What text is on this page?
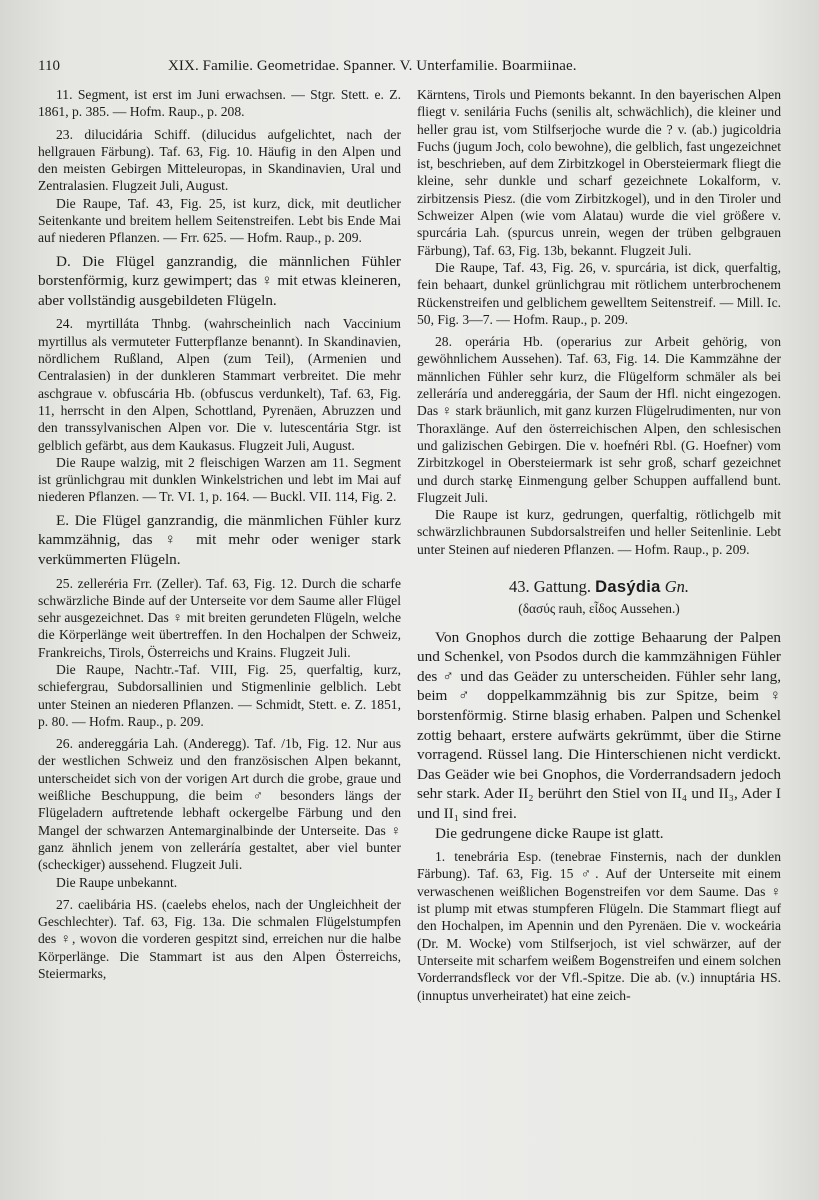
110	XIX. Familie. Geometridae. Spanner. V. Unterfamilie. Boarmiinae.

11. Segment, ist erst im Juni erwachsen. — Stgr. Stett. e. Z. 1861, p. 385. — Hofm. Raup., p. 208.

23. dilucidária Schiff. (dilucidus aufgelichtet, nach der hellgrauen Färbung). Taf. 63, Fig. 10. Häufig in den Alpen und den meisten Gebirgen Mitteleuropas, in Skandinavien, Ural und Zentralasien. Flugzeit Juli, August.

Die Raupe, Taf. 43, Fig. 25, ist kurz, dick, mit deutlicher Seitenkante und breitem hellem Seitenstreifen. Lebt bis Ende Mai auf niederen Pflanzen. — Frr. 625. — Hofm. Raup., p. 209.

D. Die Flügel ganzrandig, die männlichen Fühler borstenförmig, kurz gewimpert; das ♀ mit etwas kleineren, aber vollständig ausgebildeten Flügeln.

24. myrtilláta Thnbg. (wahrscheinlich nach Vaccinium myrtillus als vermuteter Futterpflanze benannt). In Skandinavien, nördlichem Rußland, Alpen (zum Teil), (Armenien und Centralasien) in der dunkleren Stammart verbreitet. Die mehr aschgraue v. obfuscária Hb. (obfuscus verdunkelt), Taf. 63, Fig. 11, herrscht in den Alpen, Schottland, Pyrenäen, Abruzzen und den transsylvanischen Alpen vor. Die v. lutescentária Stgr. ist gelblich gefärbt, aus dem Kaukasus. Flugzeit Juli, August.

Die Raupe walzig, mit 2 fleischigen Warzen am 11. Segment ist grünlichgrau mit dunklen Winkelstrichen und lebt im Mai auf niederen Pflanzen. — Tr. VI. 1, p. 164. — Buckl. VII. 114, Fig. 2.

E. Die Flügel ganzrandig, die mänmlichen Fühler kurz kammzähnig, das ♀ mit mehr oder weniger stark verkümmerten Flügeln.

25. zelleréria Frr. (Zeller). Taf. 63, Fig. 12. Durch die scharfe schwärzliche Binde auf der Unterseite vor dem Saume aller Flügel sehr ausgezeichnet. Das ♀ mit breiten gerundeten Flügeln, welche die Körperlänge weit übertreffen. In den Hochalpen der Schweiz, Frankreichs, Tirols, Österreichs und Krains. Flugzeit Juli.

Die Raupe, Nachtr.-Taf. VIII, Fig. 25, querfaltig, kurz, schiefergrau, Subdorsallinien und Stigmenlinie gelblich. Lebt unter Steinen an niederen Pflanzen. — Schmidt, Stett. e. Z. 1851, p. 80. — Hofm. Raup., p. 209.

26. andereggária Lah. (Anderegg). Taf. /1b, Fig. 12. Nur aus der westlichen Schweiz und den französischen Alpen bekannt, unterscheidet sich von der vorigen Art durch die grobe, graue und weißliche Beschuppung, die beim ♂ besonders längs der Flügeladern auftretende lebhaft ockergelbe Färbung und den Mangel der schwarzen Antemarginalbinde der Unterseite. Das ♀ ganz ähnlich jenem von zelleráría gestaltet, aber viel bunter (scheckiger) aussehend. Flugzeit Juli.

Die Raupe unbekannt.

27. caelibária HS. (caelebs ehelos, nach der Ungleichheit der Geschlechter). Taf. 63, Fig. 13a. Die schmalen Flügelstumpfen des ♀, wovon die vorderen gespitzt sind, erreichen nur die halbe Körperlänge. Die Stammart ist aus den Alpen Österreichs, Steiermarks,

Kärntens, Tirols und Piemonts bekannt. In den bayerischen Alpen fliegt v. senilária Fuchs (senilis alt, schwächlich), die kleiner und heller grau ist, vom Stilfserjoche wurde die ? v. (ab.) jugicoldria Fuchs (jugum Joch, colo bewohne), die gelblich, fast ungezeichnet ist, beschrieben, auf dem Zirbitzkogel in Obersteiermark fliegt die kleine, sehr dunkle und scharf gezeichnete Lokalform, v. zirbitzensis Piesz. (die vom Zirbitzkogel), und in den Tiroler und Schweizer Alpen (wie vom Alatau) wurde die viel größere v. spurcária Lah. (spurcus unrein, wegen der trüben gelbgrauen Färbung), Taf. 63, Fig. 13b, bekannt. Flugzeit Juli.

Die Raupe, Taf. 43, Fig. 26, v. spurcária, ist dick, querfaltig, fein behaart, dunkel grünlichgrau mit rötlichem unterbrochenem Rückenstreifen und gelblichem gewelltem Seitenstreif. — Mill. Ic. 50, Fig. 3—7. — Hofm. Raup., p. 209.

28. operária Hb. (operarius zur Arbeit gehörig, von gewöhnlichem Aussehen). Taf. 63, Fig. 14. Die Kammzähne der männlichen Fühler sehr kurz, die Flügelform schmäler als bei zelleráría und andereggária, der Saum der Hfl. nicht eingezogen. Das ♀ stark bräunlich, mit ganz kurzen Flügelrudimenten, nur von Thoraxlänge. Auf den österreichischen Alpen, den schlesischen und galizischen Gebirgen. Die v. hoefnéri Rbl. (G. Hoefner) vom Zirbitzkogel in Obersteiermark ist sehr groß, scharf gezeichnet und durch starkę Einmengung gelber Schuppen auffallend bunt. Flugzeit Juli.

Die Raupe ist kurz, gedrungen, querfaltig, rötlichgelb mit schwärzlichbraunen Subdorsalstreifen und heller Seitenlinie. Lebt unter Steinen auf niederen Pflanzen. — Hofm. Raup., p. 209.

43. Gattung. Dasýdia Gn.
(δασύς rauh, εἶδος Aussehen.)

Von Gnophos durch die zottige Behaarung der Palpen und Schenkel, von Psodos durch die kammzähnigen Fühler des ♂ und das Geäder zu unterscheiden. Fühler sehr lang, beim ♂ doppelkammzähnig bis zur Spitze, beim ♀ borstenförmig. Stirne blasig erhaben. Palpen und Schenkel zottig behaart, erstere aufwärts gekrümmt, über die Stirne vorragend. Rüssel lang. Die Hinterschienen nicht verdickt. Das Geäder wie bei Gnophos, die Vorderrandsadern jedoch sehr stark. Ader II₂ berührt den Stiel von II₄ und II₃, Ader I und II₁ sind frei.

Die gedrungene dicke Raupe ist glatt.

1. tenebrária Esp. (tenebrae Finsternis, nach der dunklen Färbung). Taf. 63, Fig. 15 ♂. Auf der Unterseite mit einem verwaschenen weißlichen Bogenstreifen vor dem Saume. Das ♀ ist plump mit etwas stumpferen Flügeln. Die Stammart fliegt auf den Hochalpen, im Apennin und den Pyrenäen. Die v. wockeária (Dr. M. Wocke) vom Stilfserjoch, ist viel schwärzer, auf der Unterseite mit scharfem weißem Bogenstreifen und einem solchen Vorderrandsfleck vor der Vfl.-Spitze. Die ab. (v.) innuptária HS. (innuptus unverheiratet) hat eine zeich-
